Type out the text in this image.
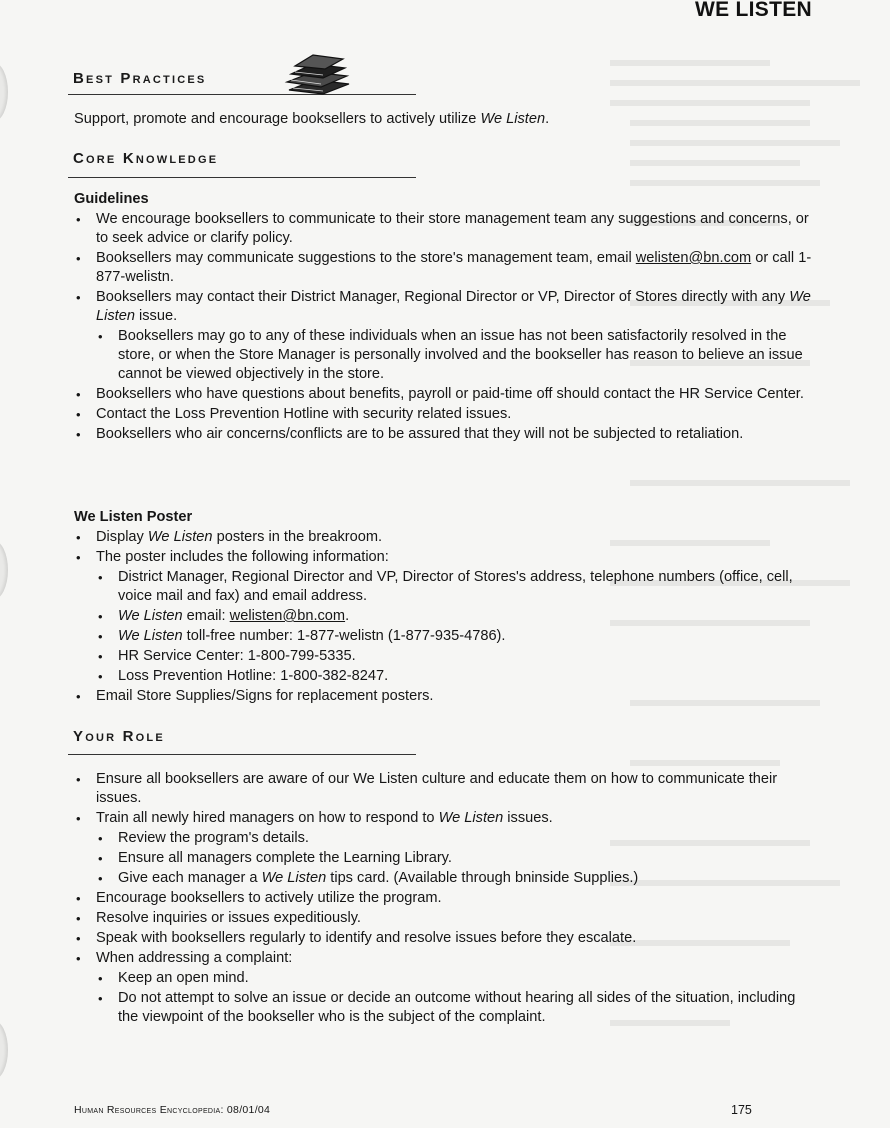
WE LISTEN
Best Practices
Support, promote and encourage booksellers to actively utilize We Listen.
Core Knowledge
Guidelines
• We encourage booksellers to communicate to their store management team any suggestions and concerns, or to seek advice or clarify policy.
• Booksellers may communicate suggestions to the store's management team, email welisten@bn.com or call 1-877-welistn.
• Booksellers may contact their District Manager, Regional Director or VP, Director of Stores directly with any We Listen issue.
• Booksellers may go to any of these individuals when an issue has not been satisfactorily resolved in the store, or when the Store Manager is personally involved and the bookseller has reason to believe an issue cannot be viewed objectively in the store.
• Booksellers who have questions about benefits, payroll or paid-time off should contact the HR Service Center.
• Contact the Loss Prevention Hotline with security related issues.
• Booksellers who air concerns/conflicts are to be assured that they will not be subjected to retaliation.
We Listen Poster
• Display We Listen posters in the breakroom.
• The poster includes the following information:
• District Manager, Regional Director and VP, Director of Stores's address, telephone numbers (office, cell, voice mail and fax) and email address.
• We Listen email: welisten@bn.com.
• We Listen toll-free number: 1-877-welistn (1-877-935-4786).
• HR Service Center: 1-800-799-5335.
• Loss Prevention Hotline: 1-800-382-8247.
• Email Store Supplies/Signs for replacement posters.
Your Role
• Ensure all booksellers are aware of our We Listen culture and educate them on how to communicate their issues.
• Train all newly hired managers on how to respond to We Listen issues.
• Review the program's details.
• Ensure all managers complete the Learning Library.
• Give each manager a We Listen tips card. (Available through bninside Supplies.)
• Encourage booksellers to actively utilize the program.
• Resolve inquiries or issues expeditiously.
• Speak with booksellers regularly to identify and resolve issues before they escalate.
• When addressing a complaint:
• Keep an open mind.
• Do not attempt to solve an issue or decide an outcome without hearing all sides of the situation, including the viewpoint of the bookseller who is the subject of the complaint.
Human Resources Encyclopedia: 08/01/04	175
